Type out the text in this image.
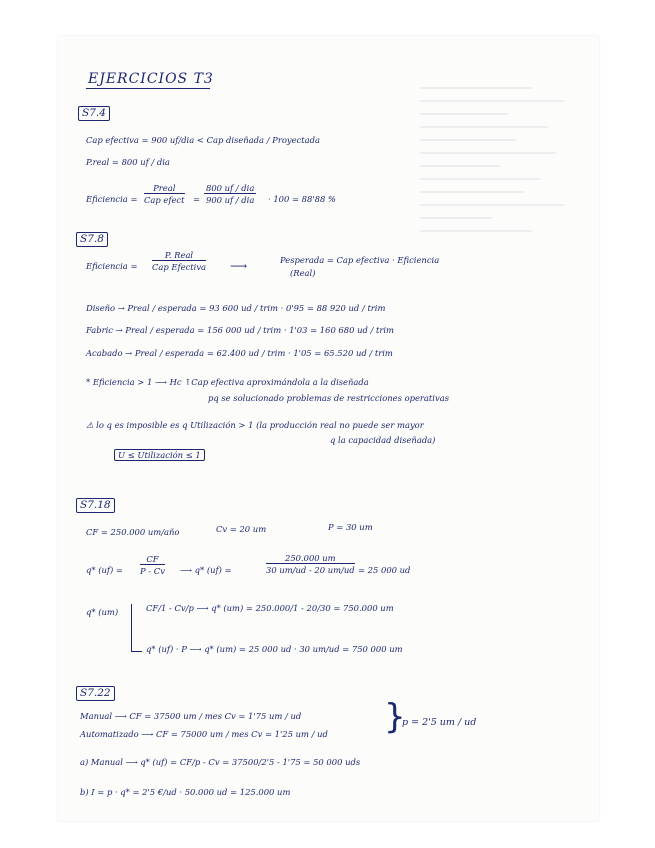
EJERCICIOS T3
S7.4
Cap efectiva = 900 uf/dia < Cap diseñada / Proyectada
P.real = 800 uf / dia
Eficiencia =
Preal
Cap efect =
800 uf / dia
900 uf / dia · 100 = 88'88 %
S7.8
Eficiencia =
P. Real
Cap Efectiva ⟶	Pesperada = Cap efectiva · Eficiencia
(Real)
Diseño → Preal / esperada = 93 600 ud / trim · 0'95 = 88 920 ud / trim
Fabric → Preal / esperada = 156 000 ud / trim · 1'03 = 160 680 ud / trim
Acabado → Preal / esperada = 62.400 ud / trim · 1'05 = 65.520 ud / trim
* Eficiencia > 1 ⟶ Hc ↑Cap efectiva aproximándola a la diseñada
pq se solucionado problemas de restricciones operativas
⚠ lo q es imposible es q Utilización > 1 (la producción real no puede ser mayor
q la capacidad diseñada)
U ≤ Utilización ≤ 1
S7.18
CF = 250.000 um/año	Cv = 20 um	P = 30 um
q* $(uf) = \frac{CF}{P - Cv}$ ⟶ q* (uf) =	$\frac{250.000 um}{30 um/ud - 20 um/ud} = 25$ 000 ud
q* (um)	CF/1 - Cv/p ⟶ q* (um) = 250.000/1 - 20/30 = 750.000 um
q* (uf) · P ⟶ q* (um) = 25 000 ud · 30 um/ud = 750 000 um
S7.22
Manual ⟶ CF = 37500 um / mes Cv = 1'75 um / ud
Automatizado ⟶ CF = 75000 um / mes Cv = 1'25 um / ud }
p = 2'5 um / ud
a) Manual ⟶ q* (uf) = CF/p - Cv = 37500/2'5 - 1'75 = 50 000 uds
b) I = p · q* = 2'5 €/ud · 50.000 ud = 125.000 um
